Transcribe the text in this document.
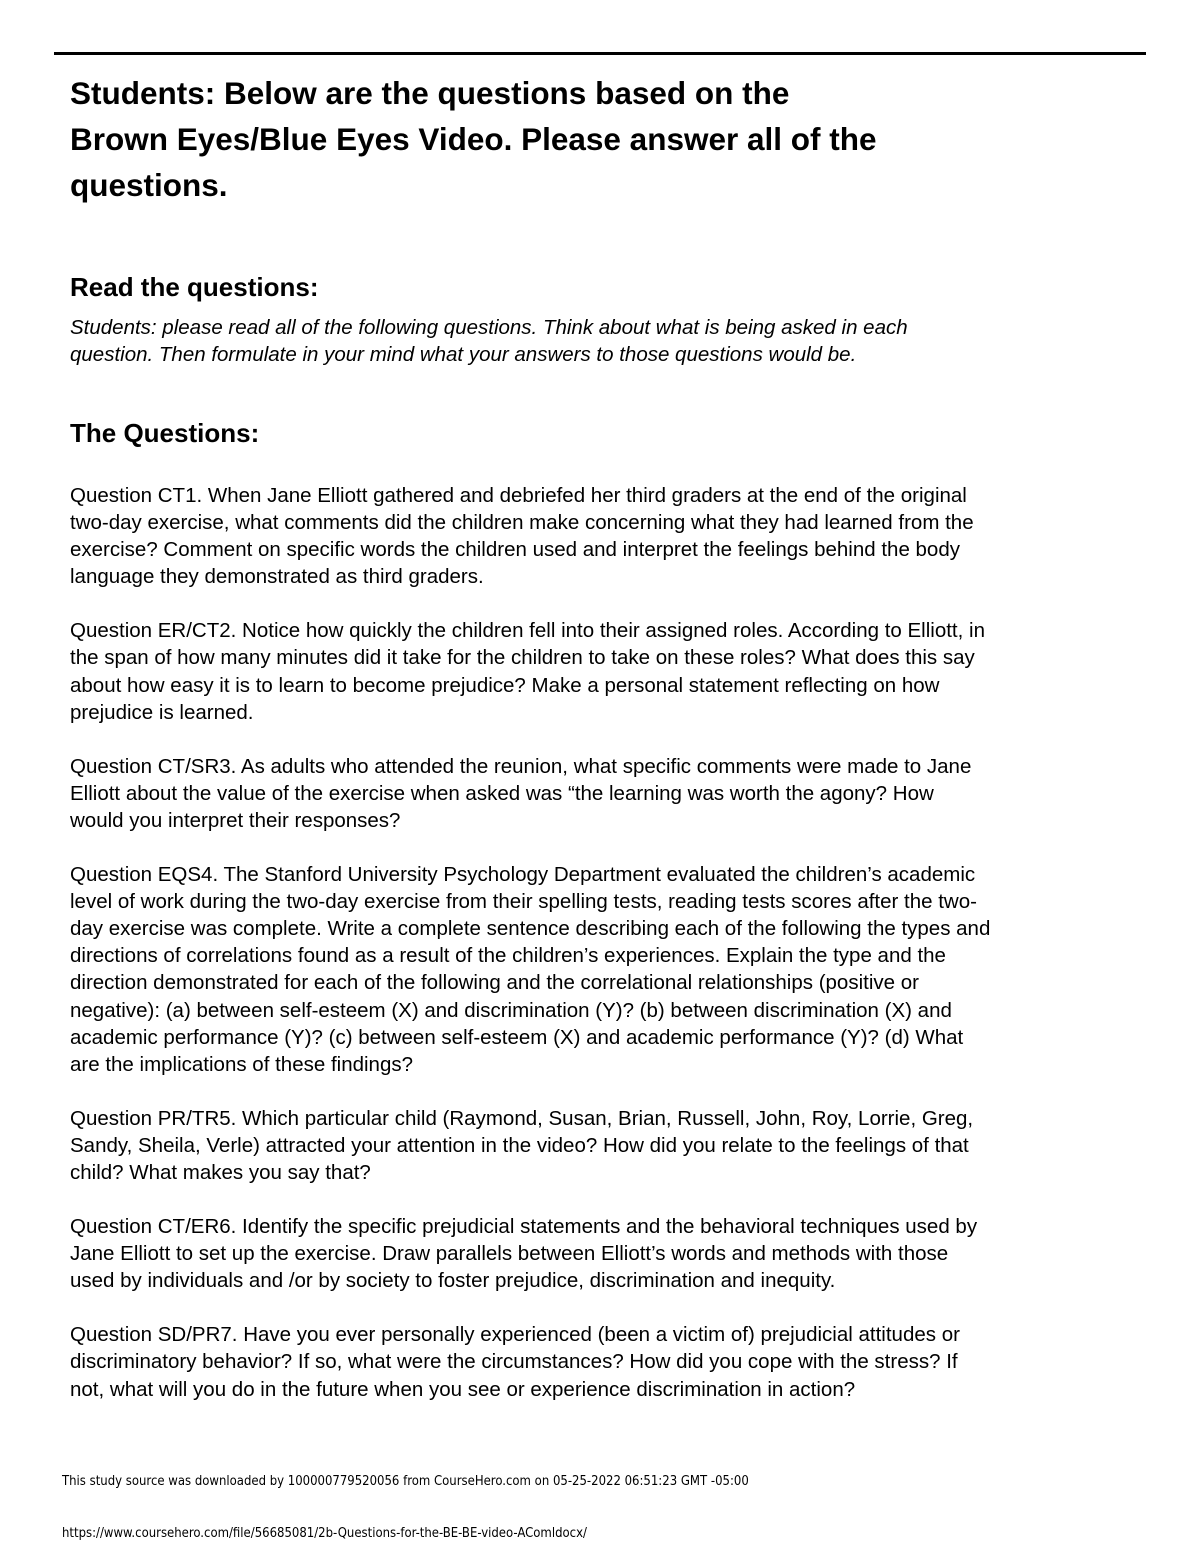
Students: Below are the questions based on the
Brown Eyes/Blue Eyes Video. Please answer all of the
questions.
Read the questions:

Students: please read all of the following questions. Think about what is being asked in each
question. Then formulate in your mind what your answers to those questions would be.

The Questions:

Question CT1. When Jane Elliott gathered and debriefed her third graders at the end of the original
two-day exercise, what comments did the children make concerning what they had learned from the
exercise? Comment on specific words the children used and interpret the feelings behind the body
language they demonstrated as third graders.

Question ER/CT2. Notice how quickly the children fell into their assigned roles. According to Elliott, in
the span of how many minutes did it take for the children to take on these roles? What does this say
about how easy it is to learn to become prejudice? Make a personal statement reflecting on how
prejudice is learned.

Question CT/SR3. As adults who attended the reunion, what specific comments were made to Jane
Elliott about the value of the exercise when asked was “the learning was worth the agony? How
would you interpret their responses?

Question EQS4. The Stanford University Psychology Department evaluated the children’s academic
level of work during the two-day exercise from their spelling tests, reading tests scores after the two-
day exercise was complete. Write a complete sentence describing each of the following the types and
directions of correlations found as a result of the children’s experiences. Explain the type and the
direction demonstrated for each of the following and the correlational relationships (positive or
negative): (a) between self-esteem (X) and discrimination (Y)? (b) between discrimination (X) and
academic performance (Y)? (c) between self-esteem (X) and academic performance (Y)? (d) What
are the implications of these findings?

Question PR/TR5. Which particular child (Raymond, Susan, Brian, Russell, John, Roy, Lorrie, Greg,
Sandy, Sheila, Verle) attracted your attention in the video? How did you relate to the feelings of that
child? What makes you say that?

Question CT/ER6. Identify the specific prejudicial statements and the behavioral techniques used by
Jane Elliott to set up the exercise. Draw parallels between Elliott’s words and methods with those
used by individuals and /or by society to foster prejudice, discrimination and inequity.

Question SD/PR7. Have you ever personally experienced (been a victim of) prejudicial attitudes or
discriminatory behavior? If so, what were the circumstances? How did you cope with the stress? If
not, what will you do in the future when you see or experience discrimination in action?

This study source was downloaded by 100000779520056 from CourseHero.com on 05-25-2022 06:51:23 GMT -05:00
https://www.coursehero.com/file/56685081/2b-Questions-for-the-BE-BE-video-AComldocx/
